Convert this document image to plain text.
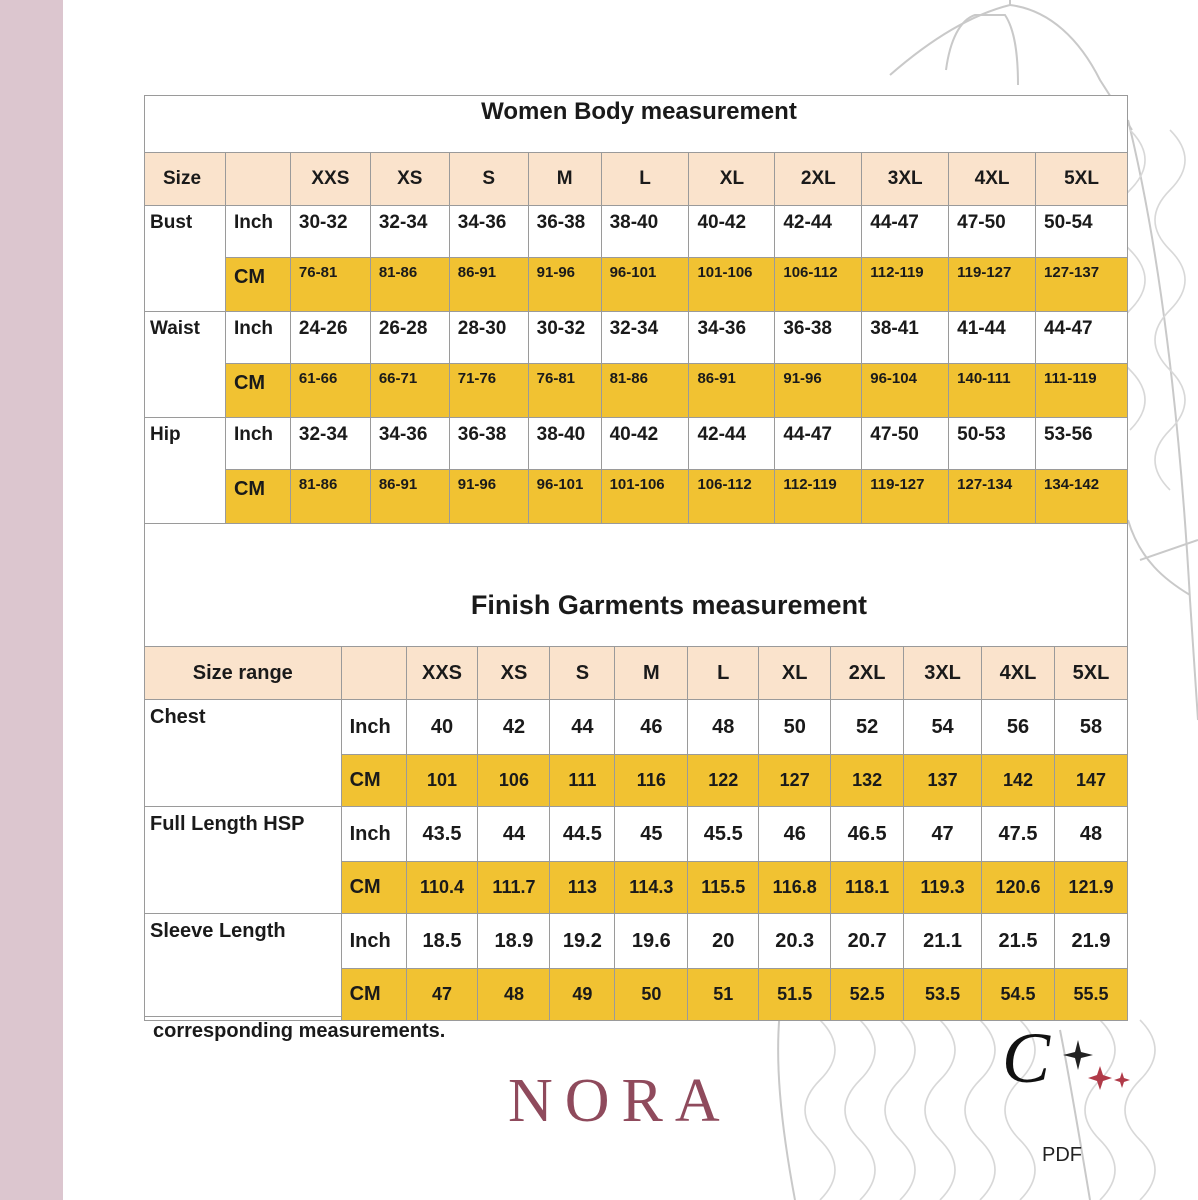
Women Body measurement
Size		XXS	XS	S	M	L	XL	2XL	3XL	4XL	5XL
Bust	Inch	30-32	32-34	34-36	36-38	38-40	40-42	42-44	44-47	47-50	50-54
	CM	76-81	81-86	86-91	91-96	96-101	101-106	106-112	112-119	119-127	127-137
Waist	Inch	24-26	26-28	28-30	30-32	32-34	34-36	36-38	38-41	41-44	44-47
	CM	61-66	66-71	71-76	76-81	81-86	86-91	91-96	96-104	140-111	111-119
Hip	Inch	32-34	34-36	36-38	38-40	40-42	42-44	44-47	47-50	50-53	53-56
	CM	81-86	86-91	91-96	96-101	101-106	106-112	112-119	119-127	127-134	134-142
Finish Garments measurement
Size range		XXS	XS	S	M	L	XL	2XL	3XL	4XL	5XL
Chest	Inch	40	42	44	46	48	50	52	54	56	58
	CM	101	106	111	116	122	127	132	137	142	147
Full Length HSP	Inch	43.5	44	44.5	45	45.5	46	46.5	47	47.5	48
	CM	110.4	111.7	113	114.3	115.5	116.8	118.1	119.3	120.6	121.9
Sleeve Length	Inch	18.5	18.9	19.2	19.6	20	20.3	20.7	21.1	21.5	21.9
	CM	47	48	49	50	51	51.5	52.5	53.5	54.5	55.5
corresponding measurements.
NORA
C
PDF
